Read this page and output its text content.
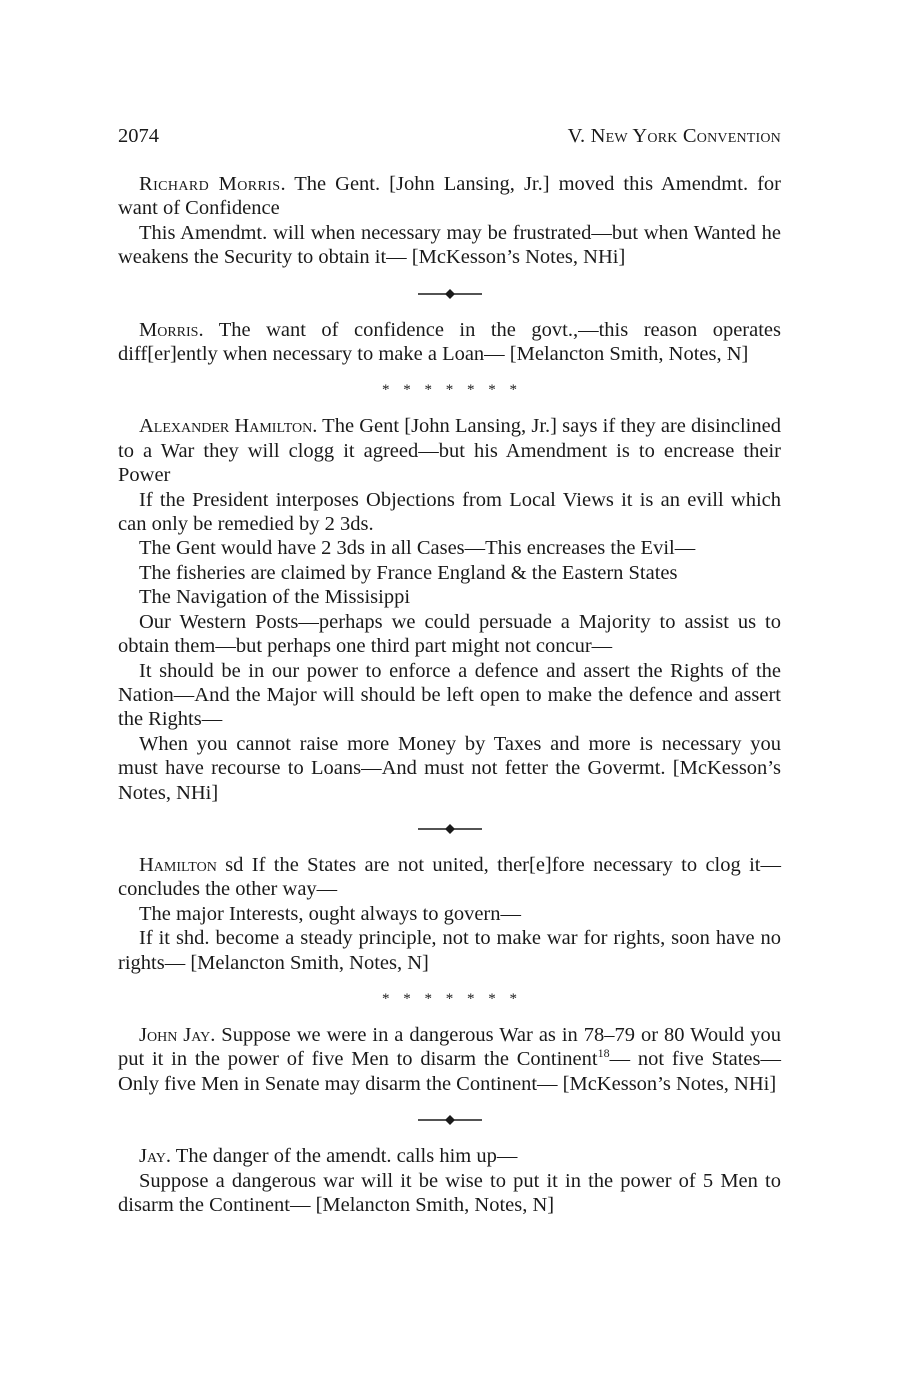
2074	V. New York Convention

Richard Morris. The Gent. [John Lansing, Jr.] moved this Amendmt. for want of Confidence

This Amendmt. will when necessary may be frustrated—but when Wanted he weakens the Security to obtain it— [McKesson’s Notes, NHi]

Morris. The want of confidence in the govt.,—this reason operates diff[er]ently when necessary to make a Loan— [Melancton Smith, Notes, N]

* * * * * * *

Alexander Hamilton. The Gent [John Lansing, Jr.] says if they are disinclined to a War they will clogg it agreed—but his Amendment is to encrease their Power

If the President interposes Objections from Local Views it is an evill which can only be remedied by 2 3ds.

The Gent would have 2 3ds in all Cases—This encreases the Evil—

The fisheries are claimed by France England & the Eastern States

The Navigation of the Missisippi

Our Western Posts—perhaps we could persuade a Majority to assist us to obtain them—but perhaps one third part might not concur—

It should be in our power to enforce a defence and assert the Rights of the Nation—And the Major will should be left open to make the defence and assert the Rights—

When you cannot raise more Money by Taxes and more is necessary you must have recourse to Loans—And must not fetter the Govermt. [McKesson’s Notes, NHi]

Hamilton sd If the States are not united, ther[e]fore necessary to clog it—concludes the other way—

The major Interests, ought always to govern—

If it shd. become a steady principle, not to make war for rights, soon have no rights— [Melancton Smith, Notes, N]

* * * * * * *

John Jay. Suppose we were in a dangerous War as in 78–79 or 80 Would you put it in the power of five Men to disarm the Continent$^{18}$— not five States—Only five Men in Senate may disarm the Continent— [McKesson’s Notes, NHi]

Jay. The danger of the amendt. calls him up—

Suppose a dangerous war will it be wise to put it in the power of 5 Men to disarm the Continent— [Melancton Smith, Notes, N]
